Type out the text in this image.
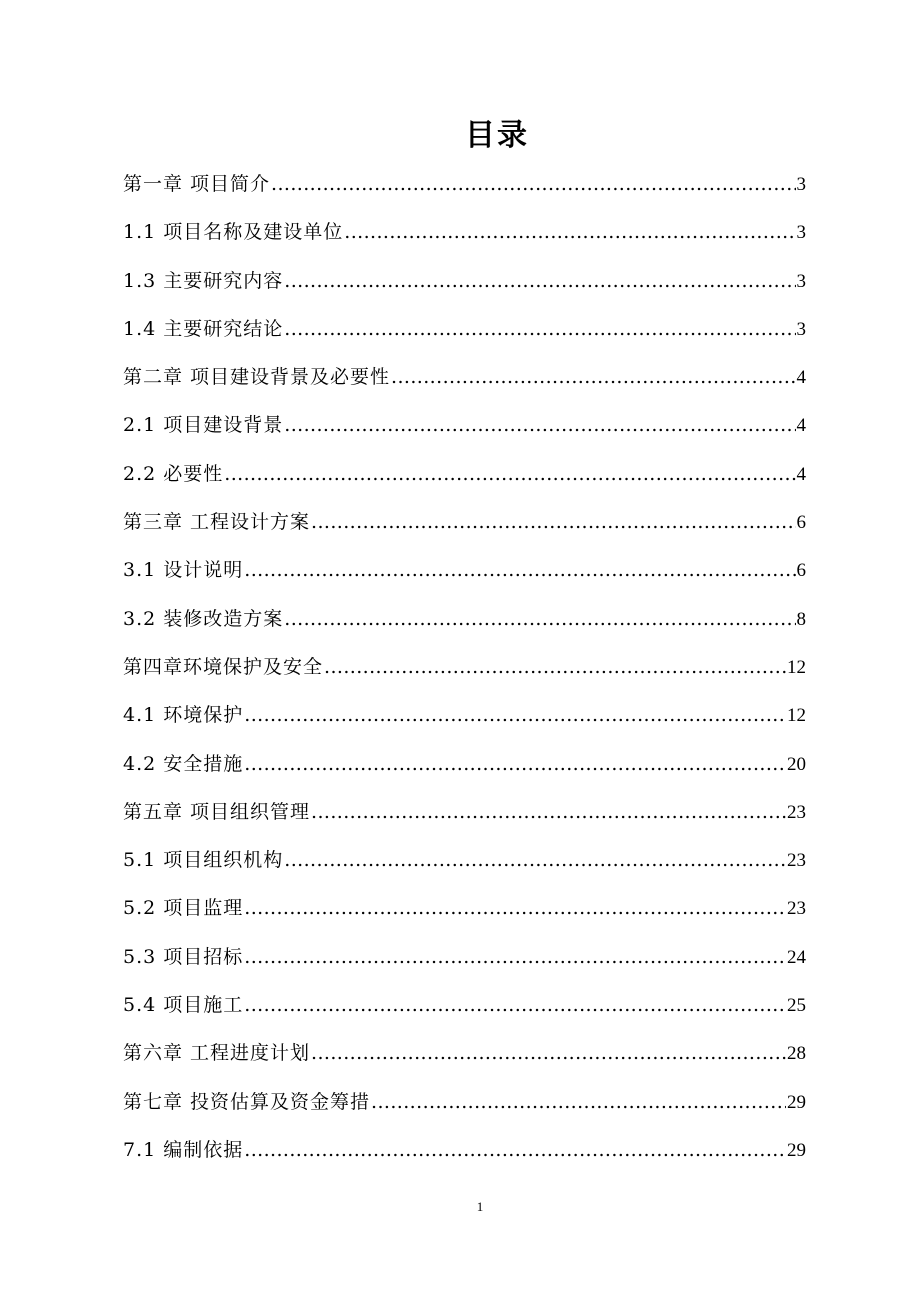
目录
第一章 项目简介 .....	3
1.1 项目名称及建设单位 .....	3
1.3 主要研究内容 .....	3
1.4 主要研究结论 .....	3
第二章 项目建设背景及必要性 .....	4
2.1 项目建设背景 .....	4
2.2 必要性 .....	4
第三章 工程设计方案 .....	6
3.1 设计说明 .....	6
3.2 装修改造方案 .....	8
第四章环境保护及安全 .....	12
4.1 环境保护 .....	12
4.2 安全措施 .....	20
第五章 项目组织管理 .....	23
5.1 项目组织机构 .....	23
5.2 项目监理 .....	23
5.3 项目招标 .....	24
5.4 项目施工 .....	25
第六章 工程进度计划 .....	28
第七章 投资估算及资金筹措 .....	29
7.1 编制依据 .....	29
1
